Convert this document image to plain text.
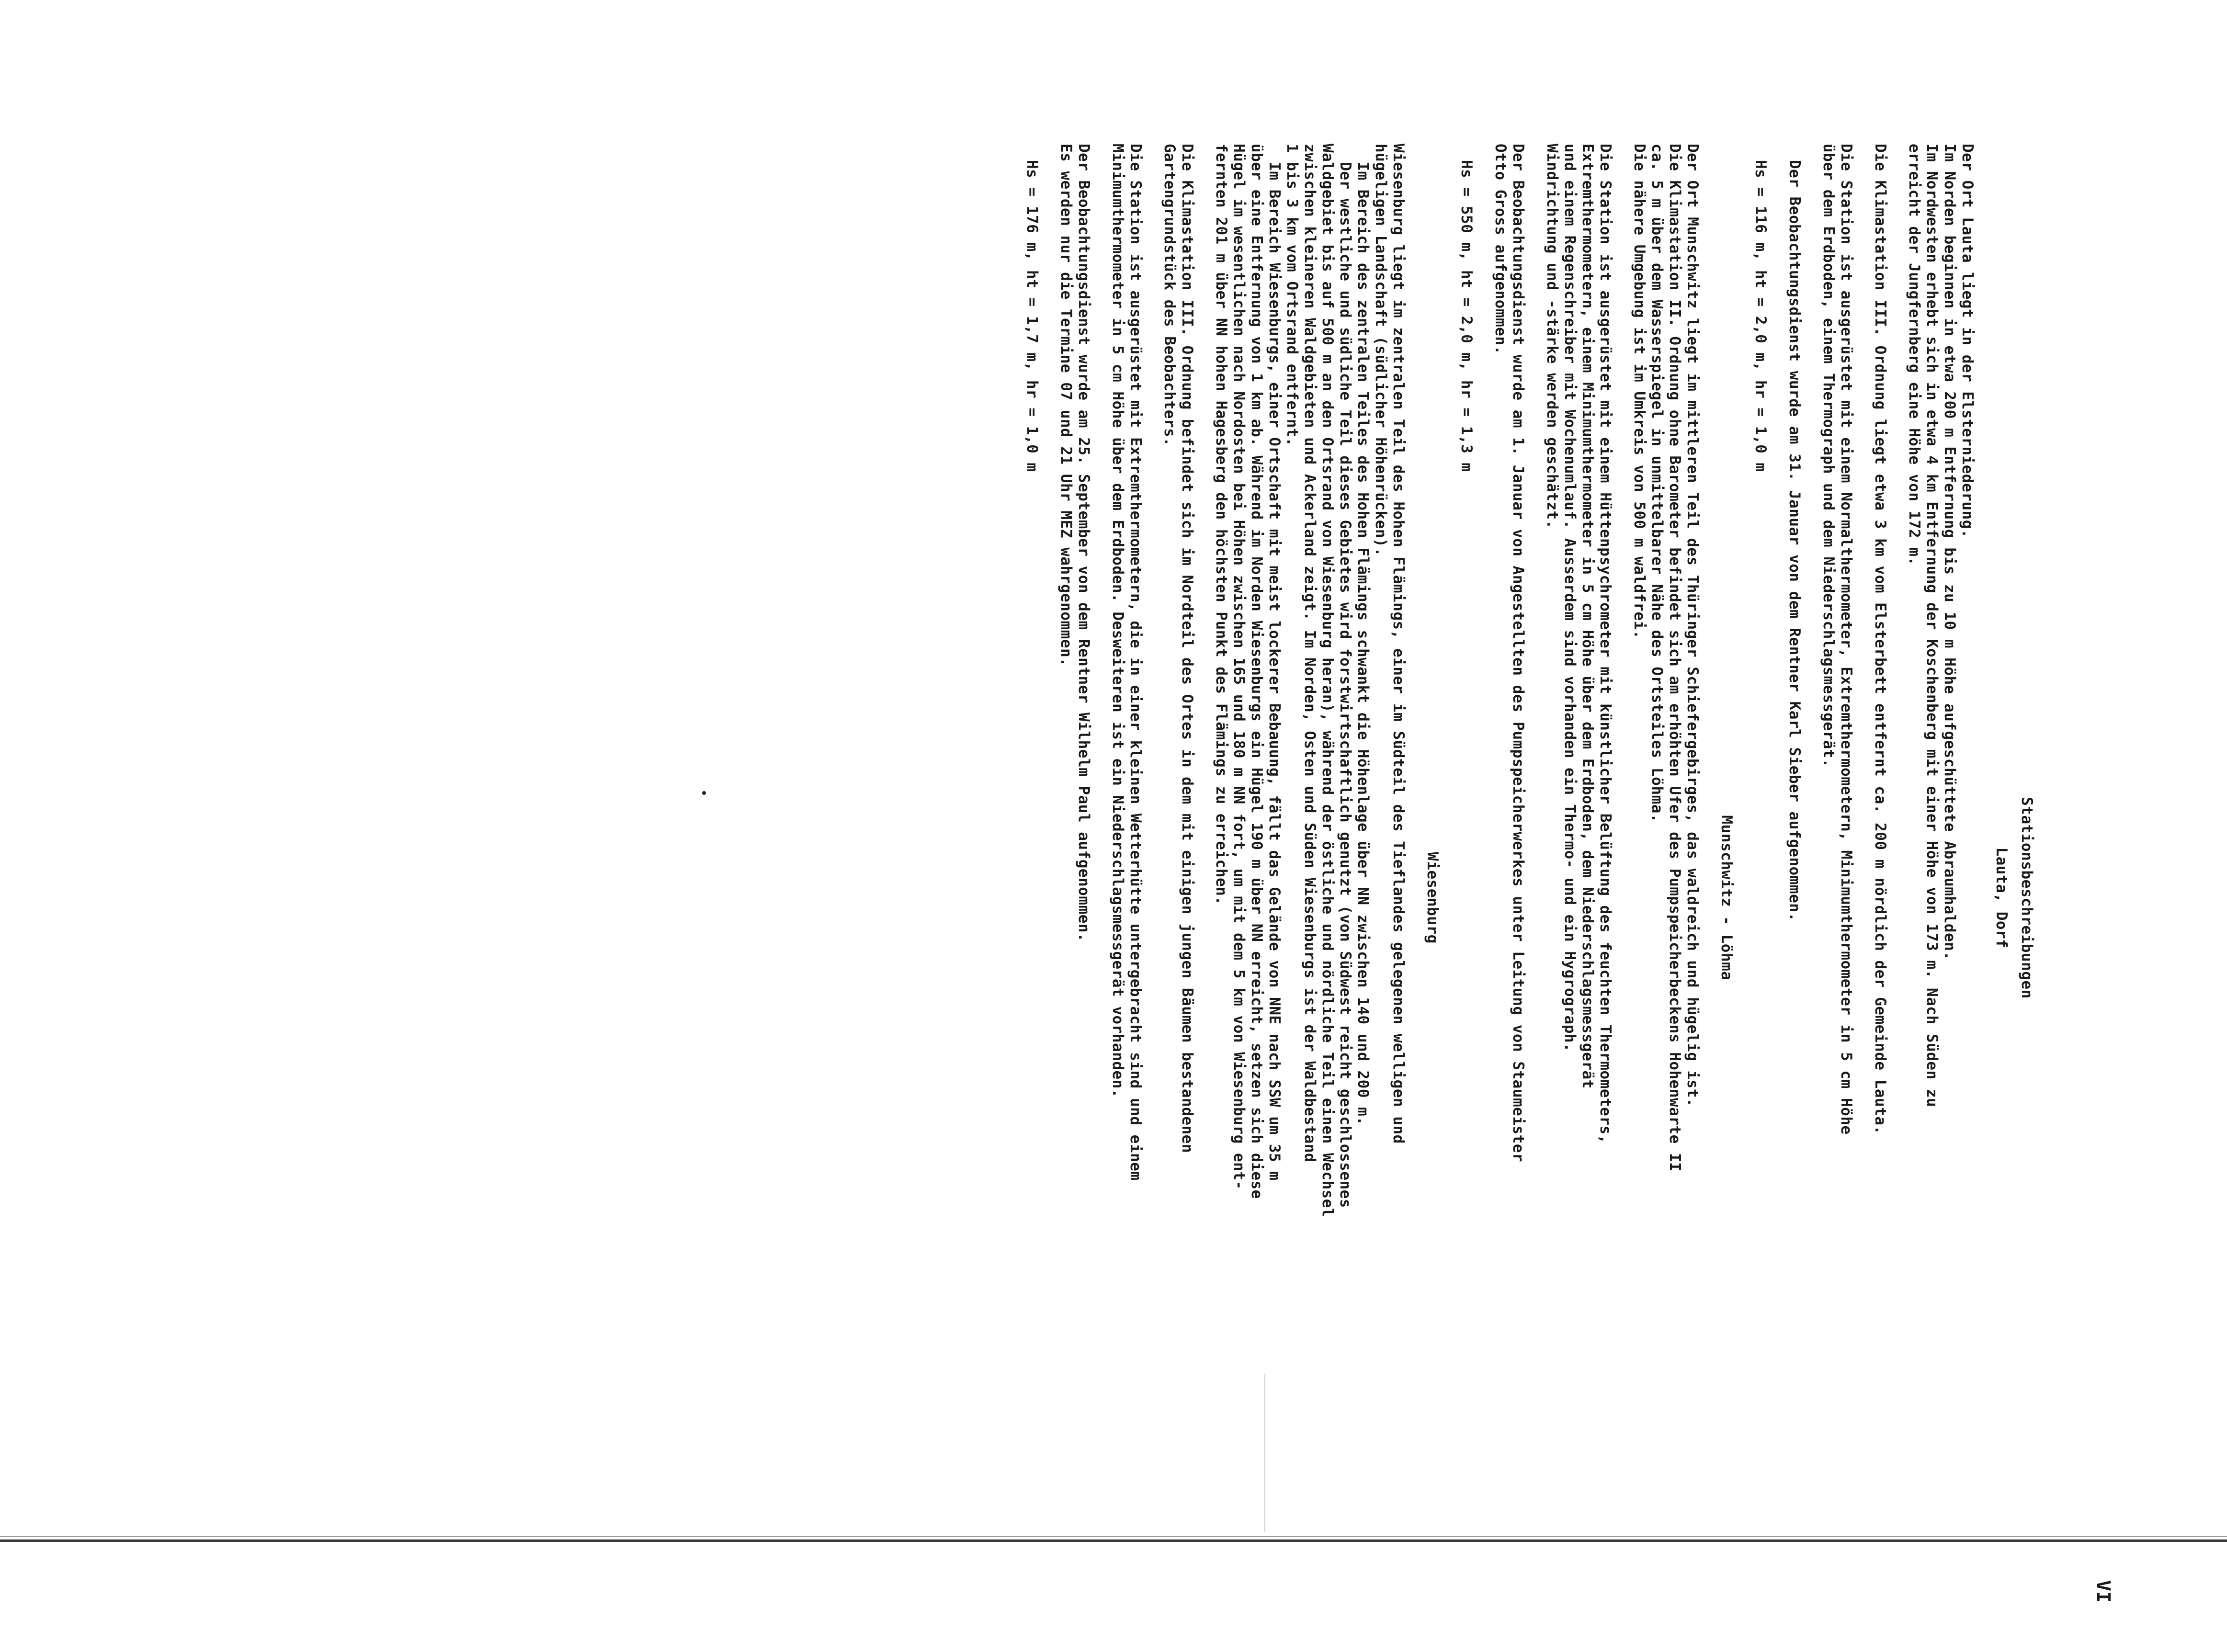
VI
Stationsbeschreibungen
Lauta, Dorf
Der Ort Lauta liegt in der Elsterniederung.
Im Norden beginnen in etwa 200 m Entfernung bis zu 10 m Höhe aufgeschüttete Abraumhalden.
Im Nordwesten erhebt sich in etwa 4 km Entfernung der Koschenberg mit einer Höhe von 173 m. Nach Süden zu
erreicht der Jungfernberg eine Höhe von 172 m.
Die Klimastation III. Ordnung liegt etwa 3 km vom Elsterbett entfernt ca. 200 m nördlich der Gemeinde Lauta.
Die Station ist ausgerüstet mit einem Normalthermometer, Extremthermometern, Minimumthermometer in 5 cm Höhe
über dem Erdboden, einem Thermograph und dem Niederschlagsmessgerät.
Der Beobachtungsdienst wurde am 31. Januar von dem Rentner Karl Sieber aufgenommen.
Hs = 116 m, ht = 2,0 m, hr = 1,0 m
Munschwitz - Löhma
Der Ort Munschwitz liegt im mittleren Teil des Thüringer Schiefergebirges, das waldreich und hügelig ist.
Die Klimastation II. Ordnung ohne Barometer befindet sich am erhöhten Ufer des Pumpspeicherbeckens Hohenwarte II
ca. 5 m über dem Wasserspiegel in unmittelbarer Nähe des Ortsteiles Löhma.
Die nähere Umgebung ist im Umkreis von 500 m waldfrei.
Die Station ist ausgerüstet mit einem Hüttenpsychrometer mit künstlicher Belüftung des feuchten Thermometers,
Extremthermometern, einem Minimumthermometer in 5 cm Höhe über dem Erdboden, dem Niederschlagsmessgerät
und einem Regenschreiber mit Wochenumlauf. Ausserdem sind vorhanden ein Thermo- und ein Hygrograph.
Windrichtung und -stärke werden geschätzt.
Der Beobachtungsdienst wurde am 1. Januar von Angestellten des Pumpspeicherwerkes unter Leitung von Staumeister
Otto Gross aufgenommen.
Hs = 550 m, ht = 2,0 m, hr = 1,3 m
Wiesenburg
Wiesenburg liegt im zentralen Teil des Hohen Flämings, einer im Südteil des Tieflandes gelegenen welligen und
hügeligen Landschaft (südlicher Höhenrücken).
Im Bereich des zentralen Teiles des Hohen Flämings schwankt die Höhenlage über NN zwischen 140 und 200 m.
Der westliche und südliche Teil dieses Gebietes wird forstwirtschaftlich genutzt (von Südwest reicht geschlossenes
Waldgebiet bis auf 500 m an den Ortsrand von Wiesenburg heran), während der östliche und nördliche Teil einen Wechsel
zwischen kleineren Waldgebieten und Ackerland zeigt. Im Norden, Osten und Süden Wiesenburgs ist der Waldbestand
1 bis 3 km vom Ortsrand entfernt.
Im Bereich Wiesenburgs, einer Ortschaft mit meist lockerer Bebauung, fällt das Gelände von NNE nach SSW um 35 m
über eine Entfernung von 1 km ab. Während im Norden Wiesenburgs ein Hügel 190 m über NN erreicht, setzen sich diese
Hügel im wesentlichen nach Nordosten bei Höhen zwischen 165 und 180 m NN fort, um mit dem 5 km von Wiesenburg ent-
fernten 201 m über NN hohen Hagesberg den höchsten Punkt des Flämings zu erreichen.
Die Klimastation III. Ordnung befindet sich im Nordteil des Ortes in dem mit einigen jungen Bäumen bestandenen
Gartengrundstück des Beobachters.
Die Station ist ausgerüstet mit Extremthermometern, die in einer kleinen Wetterhütte untergebracht sind und einem
Minimumthermometer in 5 cm Höhe über dem Erdboden. Desweiteren ist ein Niederschlagsmessgerät vorhanden.
Der Beobachtungsdienst wurde am 25. September von dem Rentner Wilhelm Paul aufgenommen.
Es werden nur die Termine 07 und 21 Uhr MEZ wahrgenommen.
Hs = 176 m, ht = 1,7 m, hr = 1,0 m
